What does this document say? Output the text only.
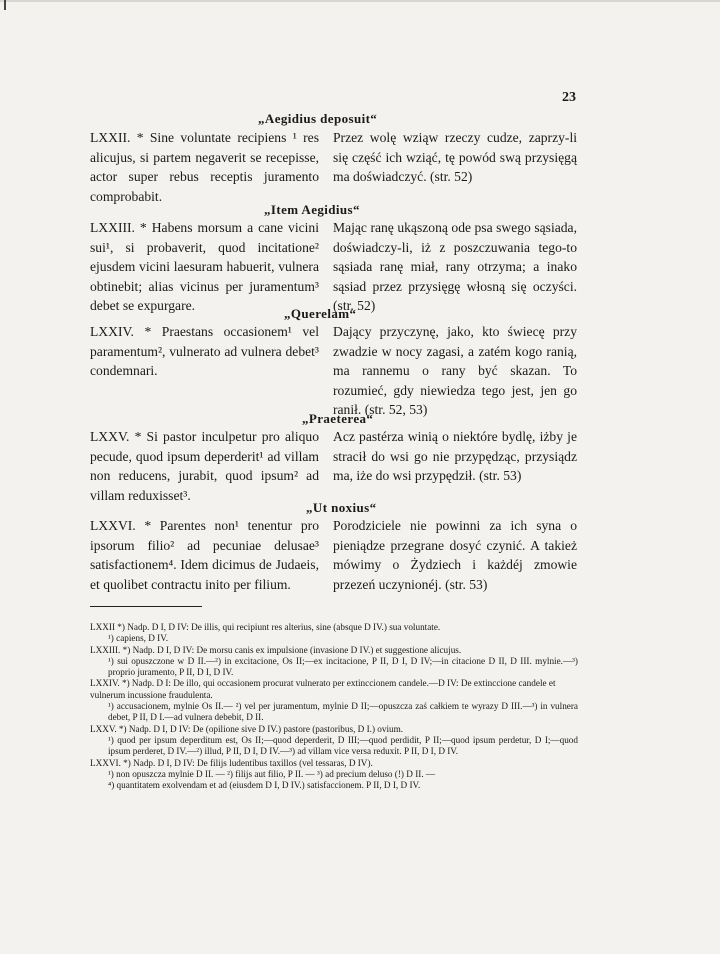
23
„Aegidius deposuit“

LXXII. * Sine voluntate recipiens ¹ res alicujus, si partem negaverit se recepisse, actor super rebus receptis juramento comprobabit.

Przez wolę wziąw rzeczy cudze, zaprzy-li się część ich wziąć, tę powód swą przysięgą ma doświadczyć. (str. 52)

„Item Aegidius“

LXXIII. * Habens morsum a cane vicini sui¹, si probaverit, quod incitatione² ejusdem vicini laesuram habuerit, vulnera obtinebit; alias vicinus per juramentum³ debet se expurgare.

Mając ranę ukąszoną ode psa swego sąsiada, doświadczy-li, iż z poszczuwania tego-to sąsiada ranę miał, rany otrzyma; a inako sąsiad przez przysięgę włosną się oczyści. (str. 52)

„Querelam“

LXXIV. * Praestans occasionem¹ vel paramentum², vulnerato ad vulnera debet³ condemnari.

Dający przyczynę, jako, kto świecę przy zwadzie w nocy zagasi, a zatém kogo ranią, ma rannemu o rany być skazan. To rozumieć, gdy niewiedza tego jest, jen go ranił. (str. 52, 53)

„Praeterea“

LXXV. * Si pastor inculpetur pro aliquo pecude, quod ipsum deperderit¹ ad villam non reducens, jurabit, quod ipsum² ad villam reduxisset³.

Acz pastérza winią o niektóre bydlę, iżby je stracił do wsi go nie przypędząc, przysiądz ma, iże do wsi przypędził. (str. 53)

„Ut noxius“

LXXVI. * Parentes non¹ tenentur pro ipsorum filio² ad pecuniae delusae³ satisfactionem⁴. Idem dicimus de Judaeis, et quolibet contractu inito per filium.

Porodziciele nie powinni za ich syna o pieniądze przegrane dosyć czynić. A takież mówimy o Żydziech i każdéj zmowie przezeń uczynionéj. (str. 53)

LXXII *) Nadp. D I, D IV: De illis, qui recipiunt res alterius, sine (absque D IV.) sua voluntate.
¹) capiens, D IV.
LXXIII. *) Nadp. D I, D IV: De morsu canis ex impulsione (invasione D IV.) et suggestione alicujus.
¹) sui opuszczone w D II.—²) in excitacione, Os II;—ex incitacione, P II, D I, D IV;—in citacione D II, D III. mylnie.—³) proprio juramento, P II, D I, D IV.
LXXIV. *) Nadp. D I: De illo, qui occasionem procurat vulnerato per extinccionem candele.—D IV: De extinccione candele et vulnerum incussione fraudulenta.
¹) accusacionem, mylnie Os II.— ²) vel per juramentum, mylnie D II;—opuszcza zaś całkiem te wyrazy D III.—³) in vulnera debet, P II, D I.—ad vulnera debebit, D II.
LXXV. *) Nadp. D I, D IV: De (opilione sive D IV.) pastore (pastoribus, D I.) ovium.
¹) quod per ipsum deperditum est, Os II;—quod deperderit, D III;—quod perdidit, P II;—quod ipsum perdetur, D I;—quod ipsum perderet, D IV.—²) illud, P II, D I, D IV.—³) ad villam vice versa reduxit. P II, D I, D IV.
LXXVI. *) Nadp. D I, D IV: De filijs ludentibus taxillos (vel tessaras, D IV).
¹) non opuszcza mylnie D II. — ²) filijs aut filio, P II. — ³) ad precium deluso (!) D II. —
⁴) quantitatem exolvendam et ad (eiusdem D I, D IV.) satisfaccionem. P II, D I, D IV.
